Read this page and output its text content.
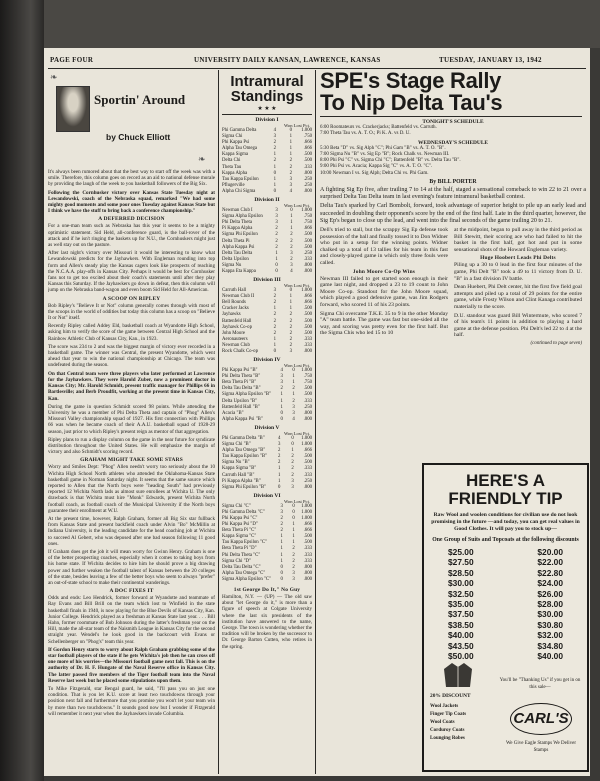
PAGE FOUR	UNIVERSITY DAILY KANSAN, LAWRENCE, KANSAS	TUESDAY, JANUARY 13, 1942
❧
❧
Sportin' Around
by Chuck Elliott

It's always been rumored about that the best way to start off the week was with a smile. Therefore, this column goes on record as an aid to national defense morale by providing the laugh of the week to you basketball followers of the Big Six.

Following the Cornhusker victory over Kansas State Tuesday night at Lewandowski, coach of the Nebraska squad, remarked "We had some mighty good moments and some poor ones Tuesday against Kansas State but I think we have the stuff to bring back a conference championship."

A DEFERRED DECISION

For a one-man team such as Nebraska has this year it seems to be a mighty optimistic statement. Sid Held, all-conference guard, is the ball-rover of the attack and if he isn't ringing the baskets up for N.U., the Cornhuskers might just as well stay out on the pasture.

After last night's victory over Missouri it would be interesting to know what Lewandowski predicts for the Jayhawkers. With Engleman rounding into top form and Allen's steady play the Kansas cagers look like prospects of reaching the N.C.A.A. play-offs in Kansas City. Perhaps it would be best for Cornhusker fans not to get too excited about their coach's statements until after they play Kansas this Saturday. If the Jayhawkers go down in defeat, then this column will jump on the Nebraska band-wagon and even boom Sid Held for All-American.

A SCOOP ON RIPLEY

Bob Ripley's "Believe It or Not" column generally comes through with most of the scoops in the world of oddities but today this column has a scoop on "Believe It or Not" itself.

Recently Ripley called Addey Eld, basketball coach at Wyandotte High School, asking him to verify the score of the game between Central High School and the Rainbow Athletic Club of Kansas City, Kan., in 1923.

The score was 234 to 2 and was the biggest margin of victory ever recorded in a basketball game. The winner was Central, the present Wyandotte, which went ahead that year to win the national championship at Chicago. The team was undefeated during the season.

On that Central team were three players who later performed at Lawrence for the Jayhawkers. They were Harold Zuber, now a prominent doctor in Kansas City; Mr. Harold Schmidt, present traffic manager for Phillips 66 in Bartlesville; and Berb Proudfit, working at the present time in Kansas City, Kan.

During the game in question Schmidt scored 98 points. While attending the University he was a member of Phi Delta Theta and captain of "Phog" Allen's Missouri Valley championship squad of 1927. His first connection with Phillips 66 was when he became coach of their A.A.U. basketball squad of 1928-29 season, just prior to which Ripley's present reign as mentor of that aggregation.

Ripley plans to run a display column on the game in the near future for syndicate distribution throughout the United States. He will emphasize the margin of victory and also Schmidt's scoring record.

GRAHAM MIGHT TAKE SOME STARS

Worry and Smiles Dept: "Phog" Allen needn't worry too seriously about the 10 Wichita High School North athletes who attended the Oklahoma-Kansas State basketball game in Norman Saturday night. It seems that the same source which reported to Allen that the North boys were "heading South" had previously reported 12 Wichita North lads as almost sure enrollees at Wichita U. The only drawback is that Wichita must hire "Monk" Edwards, present Wichita North football coach, as football coach of the Municipal University if the North boys guarantee their enrollment at W.U.

At the present time, however, Ralph Graham, former all Big Six star fullback from Kansas State and present backfield coach under Alvin "Bo" McMillin at Indiana University, is the leading candidate for the head coaching job at Wichita to succeed Al Gebert, who was deposed after one bad season following 11 good ones.

If Graham does get the job it will mean worry for Gwinn Henry. Graham is one of the better prospecting coaches, especially when it comes to taking boys from his home state. If Wichita decides to hire him he should prove a big drawing power and further weaken the football talent of Kansas between the 20 colleges of the state, besides leaving a few of the better boys who seem to always "prefer" an out-of-state school to make their continental wanderings.

A DOC FIXES IT

Odds and ends: Leo Hendrick, former forward at Wyandotte and teammate of Ray Evans and Bill Brill on the team which lost to Winfield in the state basketball finals in 1940, is now playing for the Blue Devils of Kansas City, Kan. Junior College. Hendrick played as a freshman at Kansas State last year. . . . Bill Hahn, former roommate of Bob Johnson during the latter's freshman year on the Hill, made the all-star team of the Naismith League in Kansas City for the second straight year. Wendel's he look good in the backcourt with Evans or Schellenberger on "Phog's" team this year.

If Gordon Henry starts to worry about Ralph Graham grabbing some of the star football players of the state if he gets Wichita's job then he can cross off one more of his worries—the Missouri football game next fall. This is on the authority of Dr. H. F. Hungate of the Naval Reserve office in Kansas City. The latter passed five members of the Tiger football team into the Naval Reserve last week but he placed some stipulations upon them.

To Mike Fitzgerald, star Bengal guard, he said, "I'll pass you on just one condition. That is you let K.U. score at least two touchdowns through your position next fall and furthermore that you promise you won't let your team win by more than two touchdowns." It sounds good now but I wonder if Fitzgerald will remember it next year when the Jayhawkers invade Columbia.

Intramural
Standings
★ ★ ★
Division I
Won Lost Pct.
Phi Gamma Delta	4	0	1.000
Sigma Chi	3	1	.750
Phi Kappa Psi	2	1	.666
Alpha Tau Omega	2	1	.666
Kappa Sigma	1	1	.500
Delta Chi	2	2	.500
Theta Tau	1	2	.333
Kappa Alpha	0	2	.000
Tau Kappa Epsilon	1	3	.250
Pflugerville	1	3	.250
Alpha Chi Sigma	0	4	.000
Division II
Won Lost Pct.
Newman Club I	3	0	1.000
Sigma Alpha Epsilon	3	1	.750
Phi Delta Theta	3	1	.750
Pi Kappa Alpha	2	1	.666
Sigma Phi Epsilon	2	2	.500
Delta Theta Pi	2	2	.500
Alpha Kappa Psi	2	2	.500
Delta Tau Delta	1	3	.250
Delta Upsilon	1	2	.333
Sigma Nu	0	3	.000
Kappa Eta Kappa	0	4	.000
Division III
Won Lost Pct.
Carruth Hall	3	0	1.000
Newman Club II	2	1	.666
Bell Rounds	2	1	.666
Cracker Jacks	1	1	.500
Jayhawks	2	2	.500
Battenfeld Hall	2	2	.500
Jayhawk Co-op	2	2	.500
John Moore	2	2	.500
Aeronauteers	1	2	.333
Newman Club	1	2	.333
Rock Chalk Co-op	0	3	.000
Division IV
Won Lost Pct.
Phi Kappa Psi "B"	4	0	1.000
Phi Delta Theta "B"	3	1	.750
Beta Theta Pi "B"	3	1	.750
Delta Tau Delta "B"	2	2	.500
Sigma Alpha Epsilon "B"	1	1	.500
Delta Upsilon "B"	1	2	.333
Battenfeld Hall "B"	1	3	.250
Acacia "B"	0	3	.000
Alpha Kappa Psi "B"	0	4	.000
Division V
Won Lost Pct.
Phi Gamma Delta "B"	4	0	1.000
Sigma Chi "B"	3	0	1.000
Alpha Tau Omega "B"	2	1	.666
Tau Kappa Epsilon "B"	2	2	.500
Sigma Nu "B"	2	2	.500
Kappa Sigma "B"	1	2	.333
Carruth Hall "B"	1	2	.333
Pi Kappa Alpha "B"	1	3	.250
Sigma Phi Epsilon "B"	0	3	.000
Division VI
Won Lost Pct.
Sigma Chi "C"	3	0	1.000
Phi Gamma Delta "C"	3	0	1.000
Phi Kappa Psi "C"	2	0	1.000
Phi Kappa Psi "D"	2	1	.666
Beta Theta Pi "C"	2	1	.666
Kappa Sigma "C"	1	1	.500
Tau Kappa Epsilon "C"	1	1	.500
Beta Theta Pi "D"	1	2	.333
Phi Delta Theta "C"	1	2	.333
Sigma Chi "D"	1	2	.333
Delta Tau Delta "C"	0	2	.000
Alpha Tau Omega "C"	0	3	.000
Sigma Alpha Epsilon "C"	0	3	.000

1st George Do It," No Guy

Hamilton, N.Y. — (UP) — The old saw about "let George do it," is more than a figure of speech at Colgate University where the last six presidents of the institution have answered to the name, George. The town is wondering whether the tradition will be broken by the successor to Dr. George Barton Cutten, who retires in the spring.

SPE's Stage Rally
To Nip Delta Tau's
TONIGHT'S SCHEDULE

6:00 Roomateurs vs. Crackerjacks; Battenfeld vs. Carruth.

7:00 Theta Tau vs. A. T. O.; Pi K. A. vs D. U.

WEDNESDAY'S SCHEDULE

5:30 Beta "D" vs. Sig Alph "C"; Phi Gam "B" vs. A. T. O. "B".

7:00 Sigma Nu "B" vs. Sig Ep "B"; Rock Chalk vs. Newman III.

8:00 Phi Psi "C" vs. Sigma Chi "C"; Battenfeld "B" vs. Delta Tau "B".

9:00 Phi Psi vs. Acacia; Kappa Sig "C" vs. A. T. O. "C".

10:00 Newman I vs. Sig Alph; Delta Chi vs. Phi Gam.

By BILL PORTER

A fighting Sig Ep five, after trailing 7 to 14 at the half, staged a sensational comeback to win 22 to 21 over a surprised Delta Tau Delta team in last evening's feature intramural basketball contest.

Delta Tau's sparked by Carl Bombolt, forward, took advantage of superior height to pile up an early lead and succeeded in doubling their opponent's score by the end of the first half. Late in the third quarter, however, the Sig Ep's began to close up the lead, and went into the final seconds of the game trailing 20 to 21.

Dell's tried to stall, but the scrappy Sig Ep defense took possession of the ball and finally tossed it to Don Widner who put in a setup for the winning points. Widner chalked up a total of 13 tallies for his team in this fast and closely-played game in which only three fouls were called.

John Moore Co-Op Wins

Newman III failed to get started soon enough in their game last night, and dropped a 23 to 19 count to John Moore Co-op. Standout for the John Moore squad, which played a good defensive game, was Jim Rodgers forward, who scored 11 of his 23 points.

Sigma Chi overcame T.K.E. 35 to 9 in the other Monday "A" team battle. The game was fast but one-sided all the way, and scoring was pretty even for the first half. But the Sigma Chis who led 15 to 10

at the midpoint, began to pull away in the third period as Bill Stewitt, their scoring ace who had failed to hit the basket in the first half, got hot and put in some sensational shots of the Howard Engleman variety.

Huge Hoobert Leads Phi Delts

Piling up a 30 to 0 lead in the first four minutes of the game, Phi Delt "B" took a 49 to 11 victory from D. U. "B" in a fast division IV battle.

Dean Huebert, Phi Delt center, hit the first five field goal attempts and piled up a total of 29 points for the entire game, while Frosty Wilson and Clint Kanaga contributed materially to the score.

D.U. standout was guard Bill Wintermute, who scored 7 of his team's 11 points in addition to playing a hard game at the defense position. Phi Delt's led 22 to 4 at the half.

(continued to page seven)
HERE'S A
FRIENDLY TIP
Raw Wool and woolen conditions for civilian use do not look promising in the future —and today, you can get real values in Good Clothes. It will pay you to stock up—
One Group of Suits and Topcoats at the following discounts
$25.00	$20.00
$27.50	$22.00
$28.50	$22.80
$30.00	$24.00
$32.50	$26.00
$35.00	$28.00
$37.50	$30.00
$38.50	$30.80
$40.00	$32.00
$43.50	$34.80
$50.00	$40.00
20% DISCOUNT
Wool Jackets
Finger Tip Coats
Wool Coats
Corduroy Coats
Lounging Robes
You'll be "Thanking Us" if you get in on this sale—
CARL'S
We Give Eagle Stamps We Deliver Stamps
